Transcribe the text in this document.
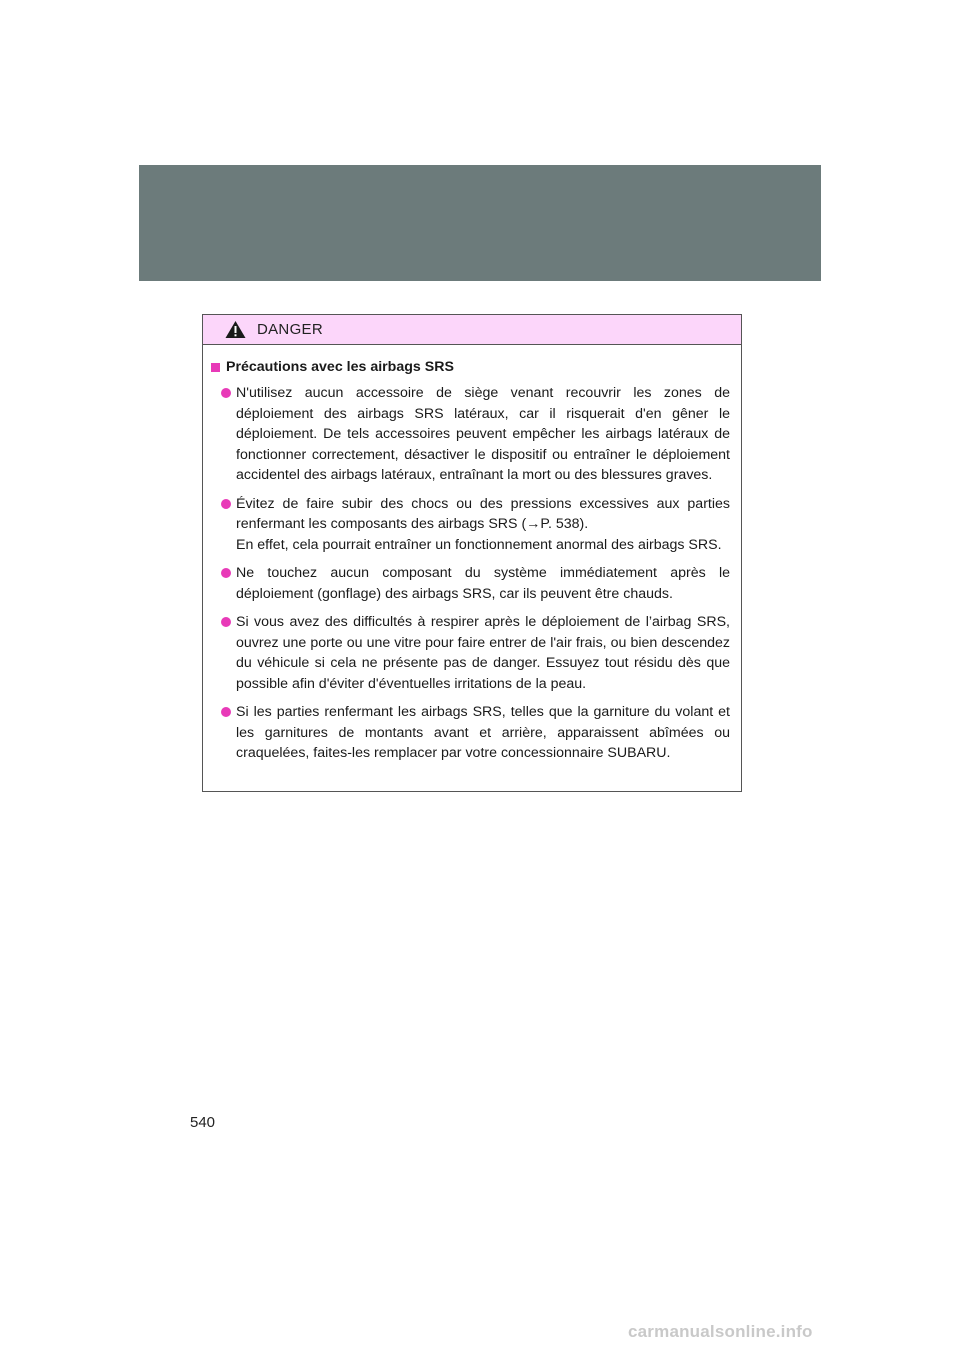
DANGER
Précautions avec les airbags SRS
N'utilisez aucun accessoire de siège venant recouvrir les zones de déploiement des airbags SRS latéraux, car il risquerait d'en gêner le déploiement. De tels accessoires peuvent empêcher les airbags latéraux de fonctionner correctement, désactiver le dispositif ou entraîner le déploiement accidentel des airbags latéraux, entraînant la mort ou des blessures graves.
Évitez de faire subir des chocs ou des pressions excessives aux parties renfermant les composants des airbags SRS (→P. 538).
En effet, cela pourrait entraîner un fonctionnement anormal des airbags SRS.
Ne touchez aucun composant du système immédiatement après le déploiement (gonflage) des airbags SRS, car ils peuvent être chauds.
Si vous avez des difficultés à respirer après le déploiement de l’airbag SRS, ouvrez une porte ou une vitre pour faire entrer de l'air frais, ou bien descendez du véhicule si cela ne présente pas de danger. Essuyez tout résidu dès que possible afin d'éviter d'éventuelles irritations de la peau.
Si les parties renfermant les airbags SRS, telles que la garniture du volant et les garnitures de montants avant et arrière, apparaissent abîmées ou craquelées, faites-les remplacer par votre concessionnaire SUBARU.
540
carmanualsonline.info
